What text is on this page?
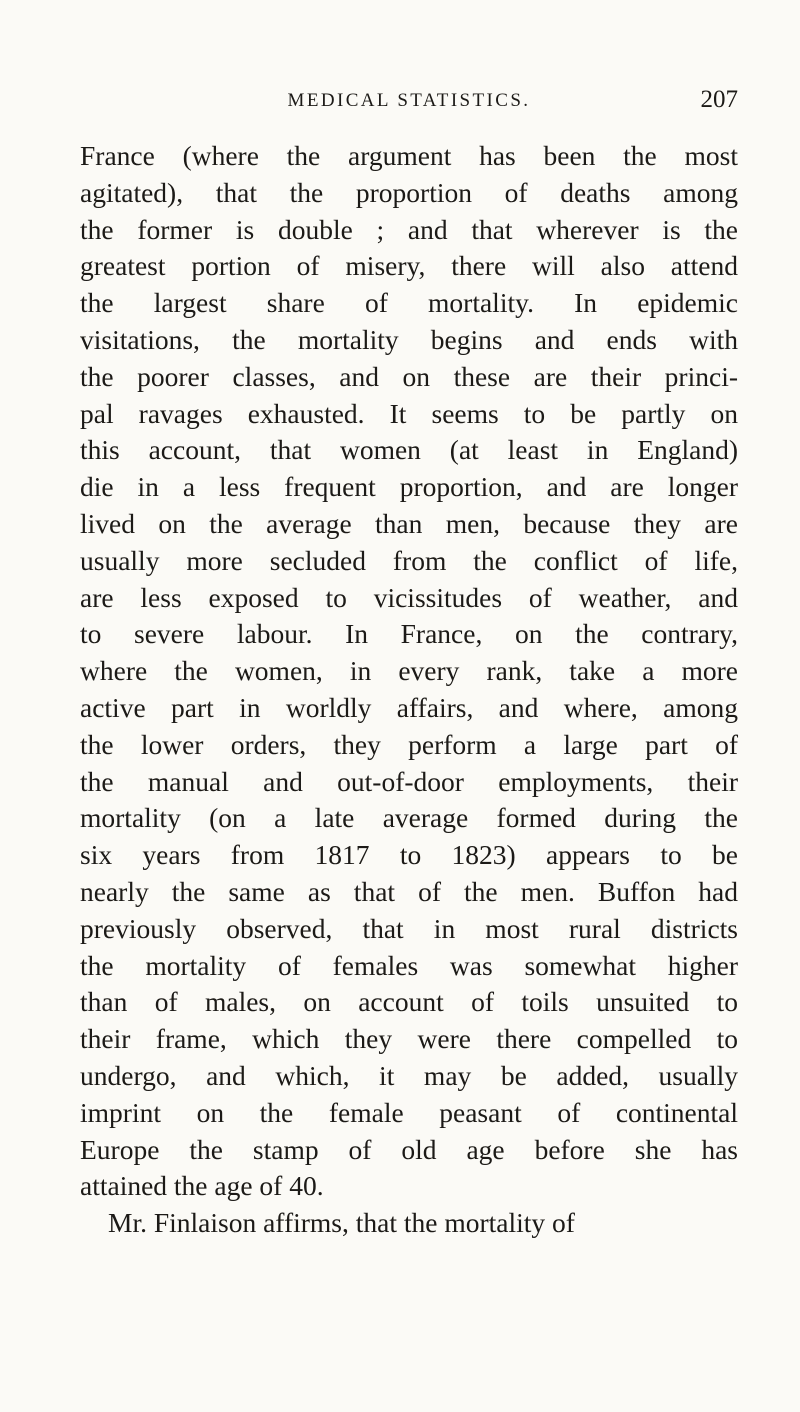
MEDICAL STATISTICS.	207
France (where the argument has been the most
agitated), that the proportion of deaths among
the former is double ; and that wherever is the
greatest portion of misery, there will also attend
the largest share of mortality. In epidemic
visitations, the mortality begins and ends with
the poorer classes, and on these are their princi-
pal ravages exhausted. It seems to be partly on
this account, that women (at least in England)
die in a less frequent proportion, and are longer
lived on the average than men, because they are
usually more secluded from the conflict of life,
are less exposed to vicissitudes of weather, and
to severe labour. In France, on the contrary,
where the women, in every rank, take a more
active part in worldly affairs, and where, among
the lower orders, they perform a large part of
the manual and out-of-door employments, their
mortality (on a late average formed during the
six years from 1817 to 1823) appears to be
nearly the same as that of the men. Buffon had
previously observed, that in most rural districts
the mortality of females was somewhat higher
than of males, on account of toils unsuited to
their frame, which they were there compelled to
undergo, and which, it may be added, usually
imprint on the female peasant of continental
Europe the stamp of old age before she has
attained the age of 40.
Mr. Finlaison affirms, that the mortality of
